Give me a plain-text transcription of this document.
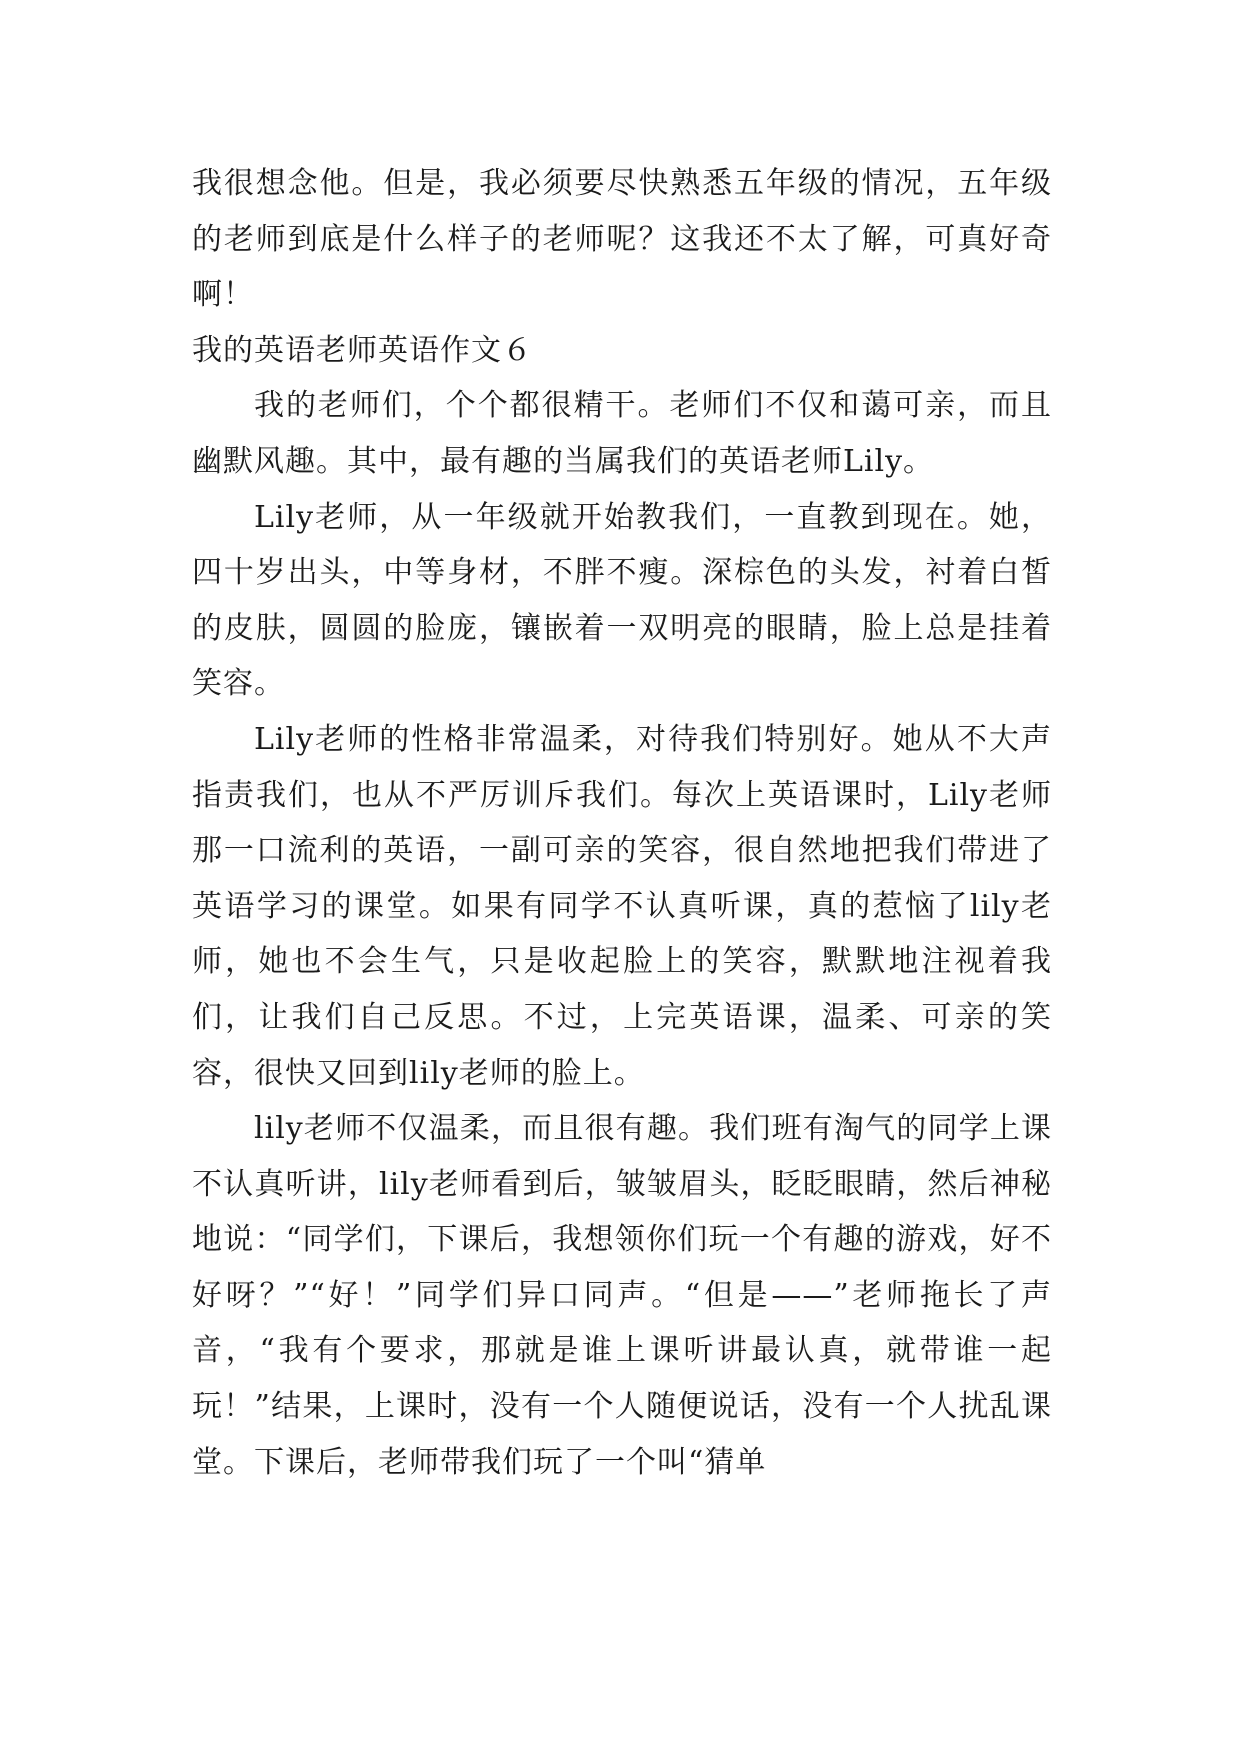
我很想念他。但是，我必须要尽快熟悉五年级的情况，五年级的老师到底是什么样子的老师呢？这我还不太了解，可真好奇啊！

我的英语老师英语作文６

我的老师们，个个都很精干。老师们不仅和蔼可亲，而且幽默风趣。其中，最有趣的当属我们的英语老师Lily。

Lily老师，从一年级就开始教我们，一直教到现在。她，四十岁出头，中等身材，不胖不瘦。深棕色的头发，衬着白皙的皮肤，圆圆的脸庞，镶嵌着一双明亮的眼睛，脸上总是挂着笑容。

Lily老师的性格非常温柔，对待我们特别好。她从不大声指责我们，也从不严厉训斥我们。每次上英语课时，Lily老师那一口流利的英语，一副可亲的笑容，很自然地把我们带进了英语学习的课堂。如果有同学不认真听课，真的惹恼了lily老师，她也不会生气，只是收起脸上的笑容，默默地注视着我们，让我们自己反思。不过，上完英语课，温柔、可亲的笑容，很快又回到lily老师的脸上。

lily老师不仅温柔，而且很有趣。我们班有淘气的同学上课不认真听讲，lily老师看到后，皱皱眉头，眨眨眼睛，然后神秘地说：“同学们，下课后，我想领你们玩一个有趣的游戏，好不好呀？”“好！”同学们异口同声。“但是——”老师拖长了声音，“我有个要求，那就是谁上课听讲最认真，就带谁一起玩！”结果，上课时，没有一个人随便说话，没有一个人扰乱课堂。下课后，老师带我们玩了一个叫“猜单
